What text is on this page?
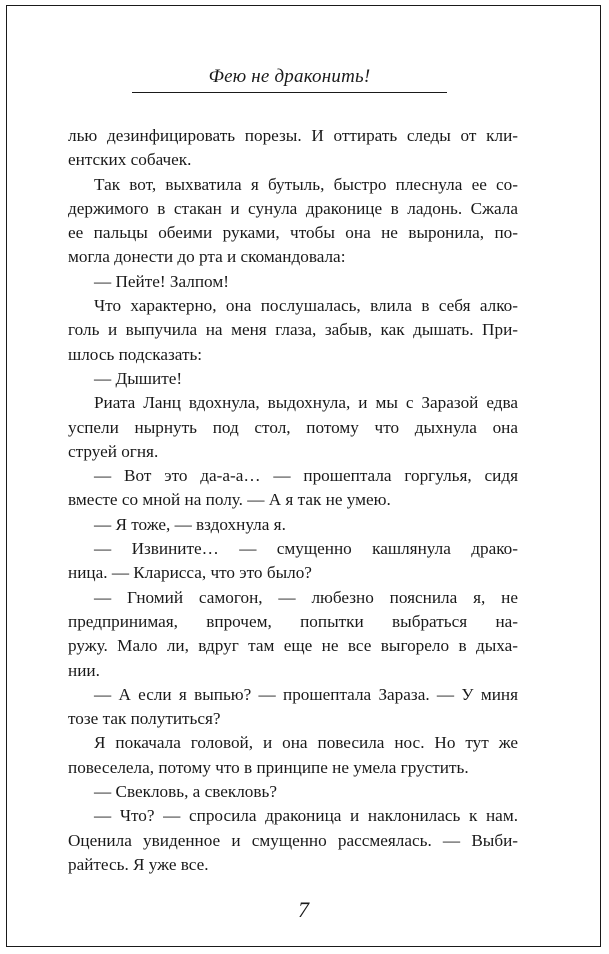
Фею не драконить!
лью дезинфицировать порезы. И оттирать следы от кли-
ентских собачек.
Так вот, выхватила я бутыль, быстро плеснула ее со-
держимого в стакан и сунула драконице в ладонь. Сжала
ее пальцы обеими руками, чтобы она не выронила, по-
могла донести до рта и скомандовала:
— Пейте! Залпом!
Что характерно, она послушалась, влила в себя алко-
голь и выпучила на меня глаза, забыв, как дышать. При-
шлось подсказать:
— Дышите!
Риата Ланц вдохнула, выдохнула, и мы с Заразой едва
успели нырнуть под стол, потому что дыхнула она
струей огня.
— Вот это да-а-а… — прошептала горгулья, сидя
вместе со мной на полу. — А я так не умею.
— Я тоже, — вздохнула я.
— Извините… — смущенно кашлянула драко-
ница. — Кларисса, что это было?
— Гномий самогон, — любезно пояснила я, не
предпринимая, впрочем, попытки выбраться на-
ружу. Мало ли, вдруг там еще не все выгорело в дыха-
нии.
— А если я выпью? — прошептала Зараза. — У миня
тозе так полутиться?
Я покачала головой, и она повесила нос. Но тут же
повеселела, потому что в принципе не умела грустить.
— Свекловь, а свекловь?
— Что? — спросила драконица и наклонилась к нам.
Оценила увиденное и смущенно рассмеялась. — Выби-
райтесь. Я уже все.
7
